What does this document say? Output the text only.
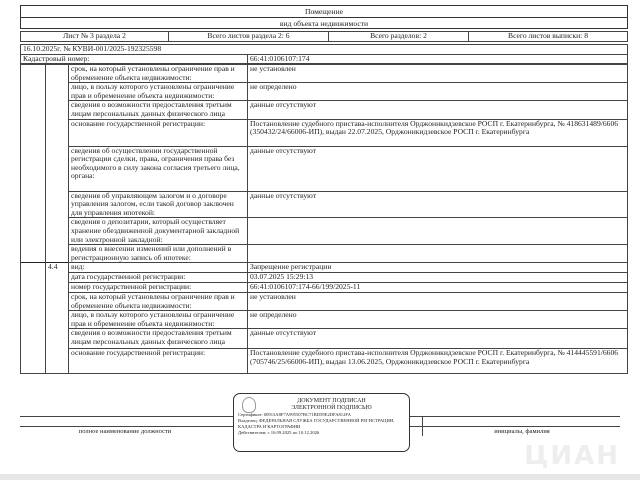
ЦИАН
Помещение
вид объекта недвижимости
Лист № 3 раздела 2	Всего листов раздела 2: 6	Всего разделов: 2	Всего листов выписки: 8
16.10.2025г. № КУВИ-001/2025-192325598
Кадастровый номер:	66:41:0106107:174
		срок, на который установлены ограничение прав и обременение объекта недвижимости:	не установлен
		лицо, в пользу которого установлены ограничение прав и обременение объекта недвижимости:	не определено
		сведения о возможности предоставления третьим лицам персональных данных физического лица	данные отсутствуют
		основание государственной регистрации:	Постановление судебного пристава-исполнителя Орджоникидзевское РОСП г. Екатеринбурга, № 418631489/6606 (350432/24/66006-ИП), выдан 22.07.2025, Орджоникидзевское РОСП г. Екатеринбурга
		сведения об осуществлении государственной регистрации сделки, права, ограничения права без необходимого в силу закона согласия третьего лица, органа:	данные отсутствуют
		сведения об управляющем залогом и о договоре управления залогом, если такой договор заключен для управления ипотекой:	данные отсутствуют
		сведения о депозитарии, который осуществляет хранение обездвиженной документарной закладной или электронной закладной:	
		ведения о внесении изменений или дополнений в регистрационную запись об ипотеке:	
	4.4	вид:	Запрещение регистрации
		дата государственной регистрации:	03.07.2025 15:29:13
		номер государственной регистрации:	66:41:0106107:174-66/199/2025-11
		срок, на который установлены ограничение прав и обременение объекта недвижимости:	не установлен
		лицо, в пользу которого установлены ограничение прав и обременение объекта недвижимости:	не определено
		сведения о возможности предоставления третьим лицам персональных данных физического лица	данные отсутствуют
		основание государственной регистрации:	Постановление судебного пристава-исполнителя Орджоникидзевское РОСП г. Екатеринбурга, № 414445591/6606 (705746/25/66006-ИП), выдан 13.06.2025, Орджоникидзевское РОСП г. Екатеринбурга
полное наименование должности	инициалы, фамилия
ДОКУМЕНТ ПОДПИСАН
ЭЛЕКТРОННОЙ ПОДПИСЬЮ
Сертификат: 00913A8F7A995507BC71BD59E2DFA812FA
Владелец: ФЕДЕРАЛЬНАЯ СЛУЖБА ГОСУДАРСТВЕННОЙ РЕГИСТРАЦИИ, КАДАСТРА И КАРТОГРАФИИ
Действителен: с 16.09.2025 по 10.12.2026
